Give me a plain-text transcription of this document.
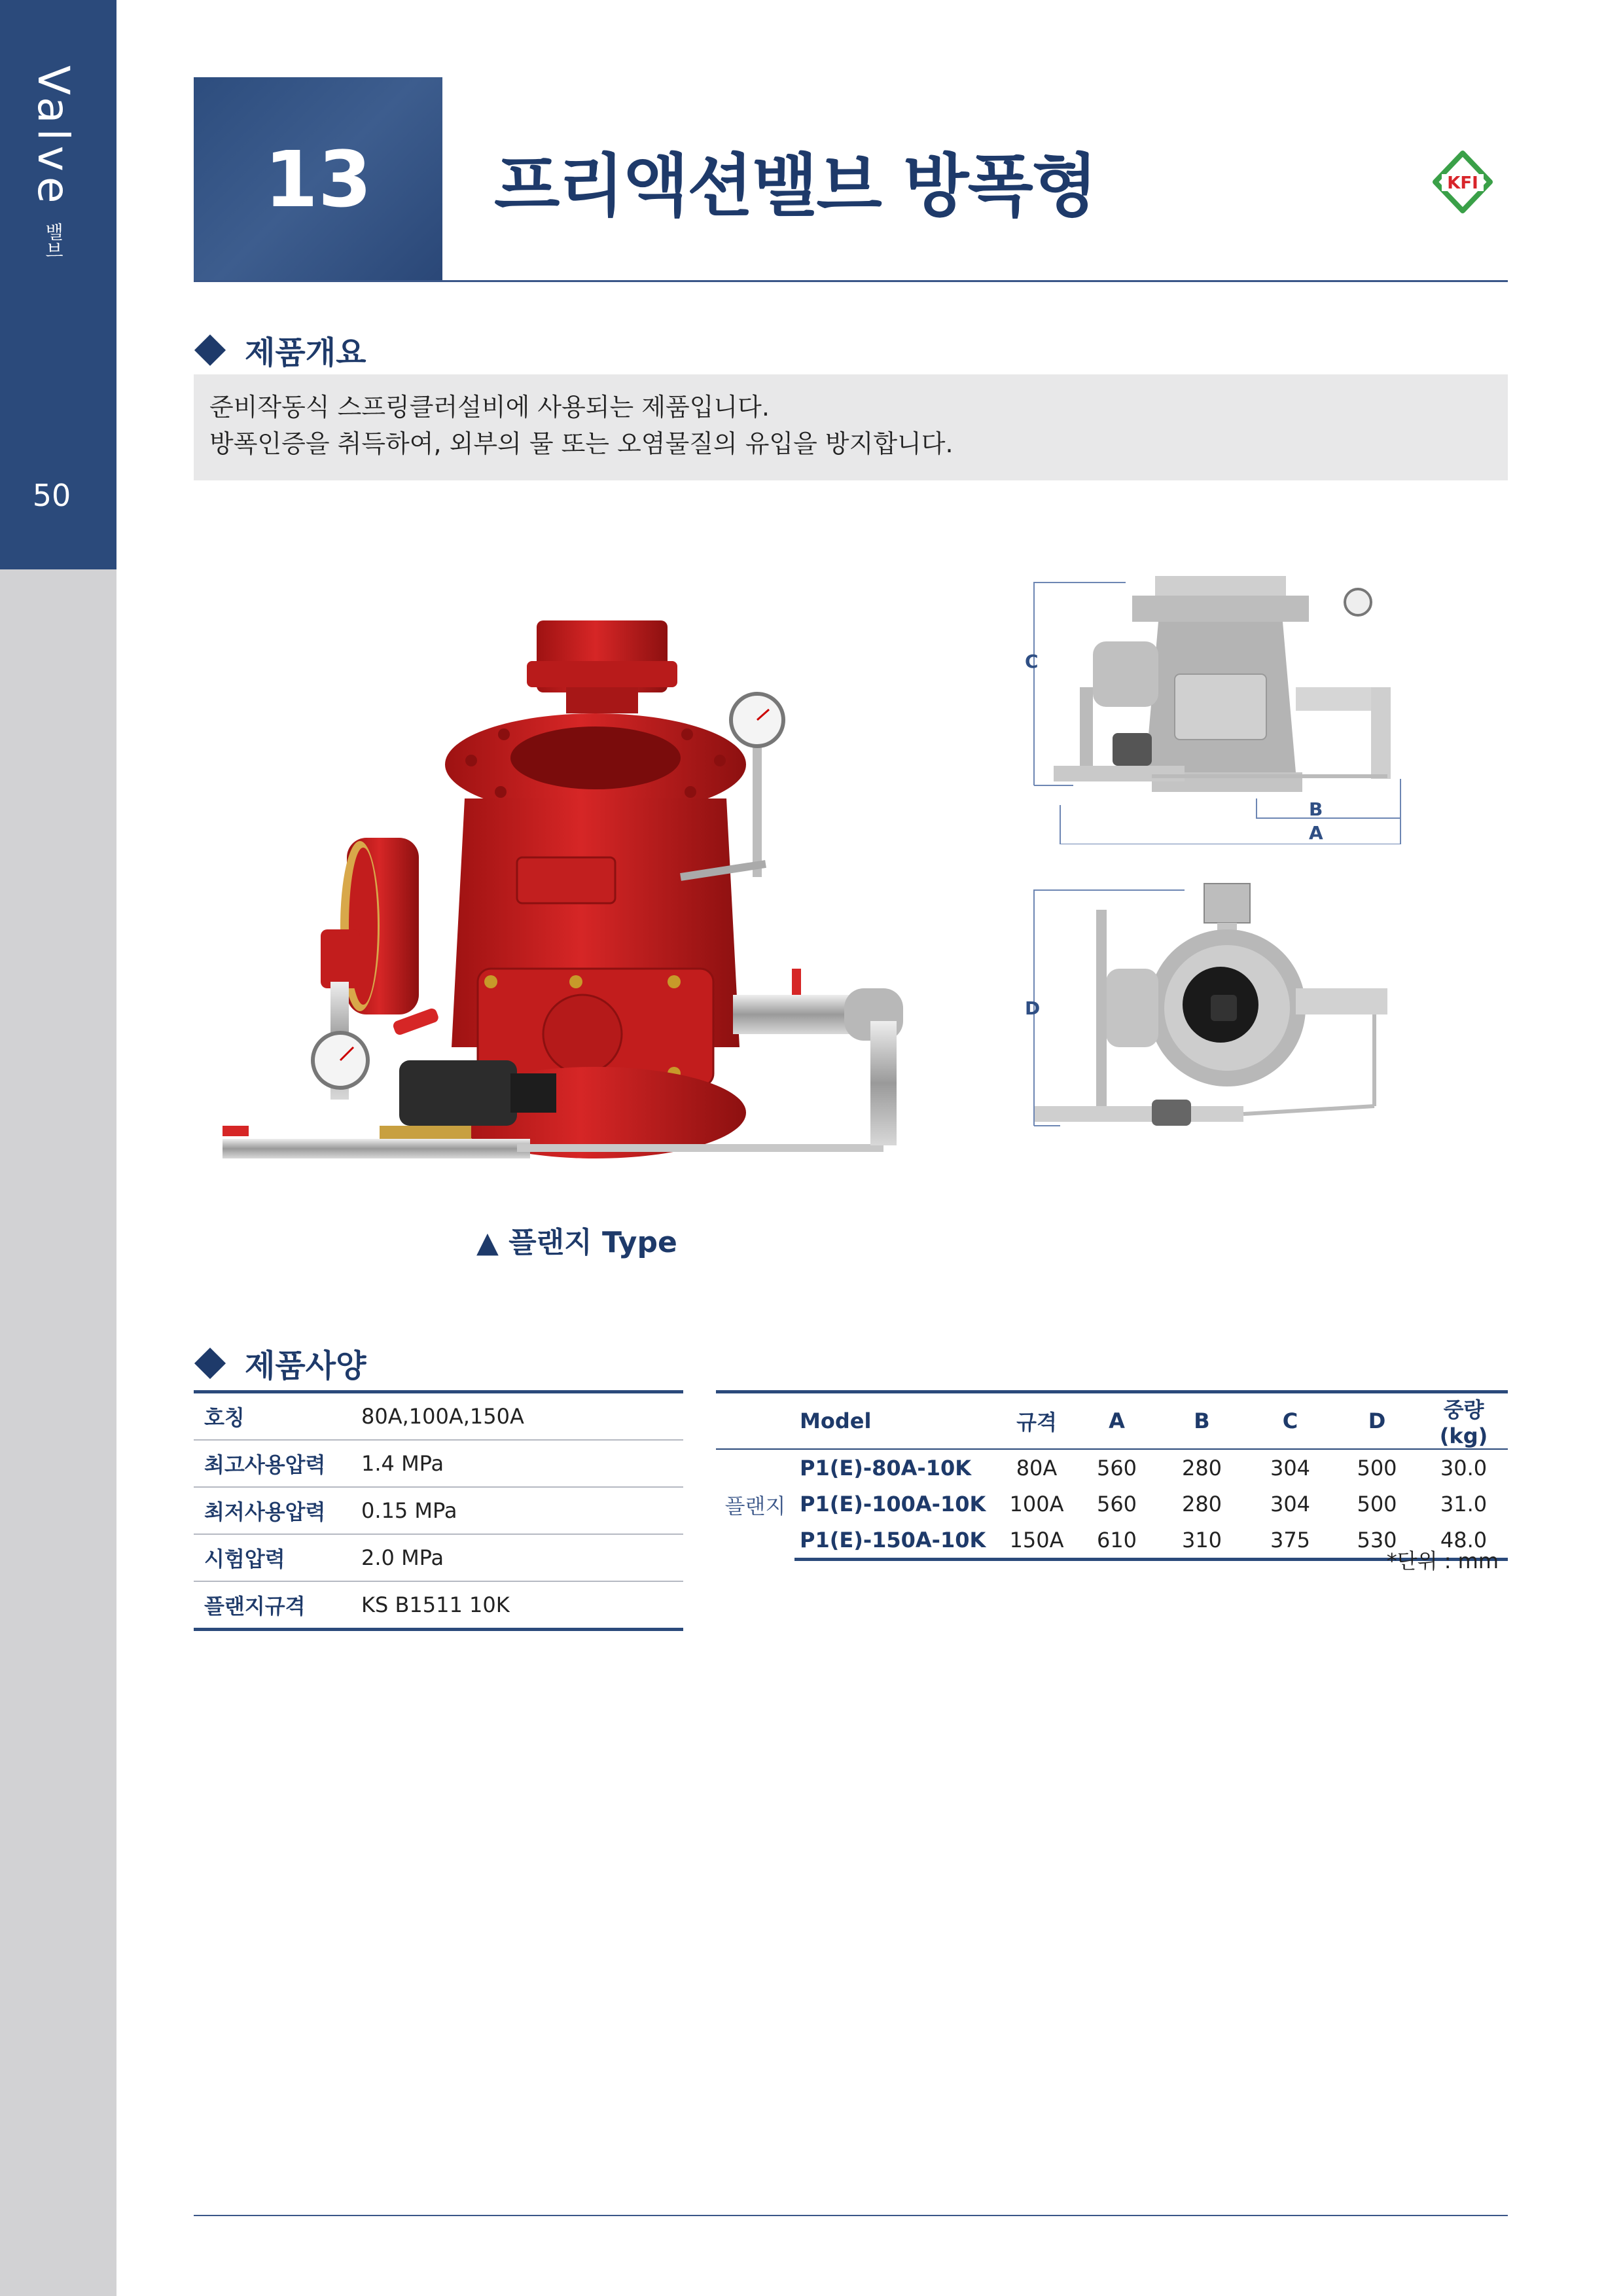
Valve 밸브
50
13 프리액션밸브 방폭형	KFI
제품개요
준비작동식 스프링클러설비에 사용되는 제품입니다.
방폭인증을 취득하여, 외부의 물 또는 오염물질의 유입을 방지합니다.
▲ 플랜지 Type
C
B
A
D
제품사양
호칭	80A,100A,150A
최고사용압력	1.4 MPa
최저사용압력	0.15 MPa
시험압력	2.0 MPa
플랜지규격	KS B1511 10K
	Model	규격	A	B	C	D	중량(kg)
플랜지	P1(E)-80A-10K	80A	560	280	304	500	30.0
	P1(E)-100A-10K	100A	560	280	304	500	31.0
	P1(E)-150A-10K	150A	610	310	375	530	48.0
*단위 : mm
